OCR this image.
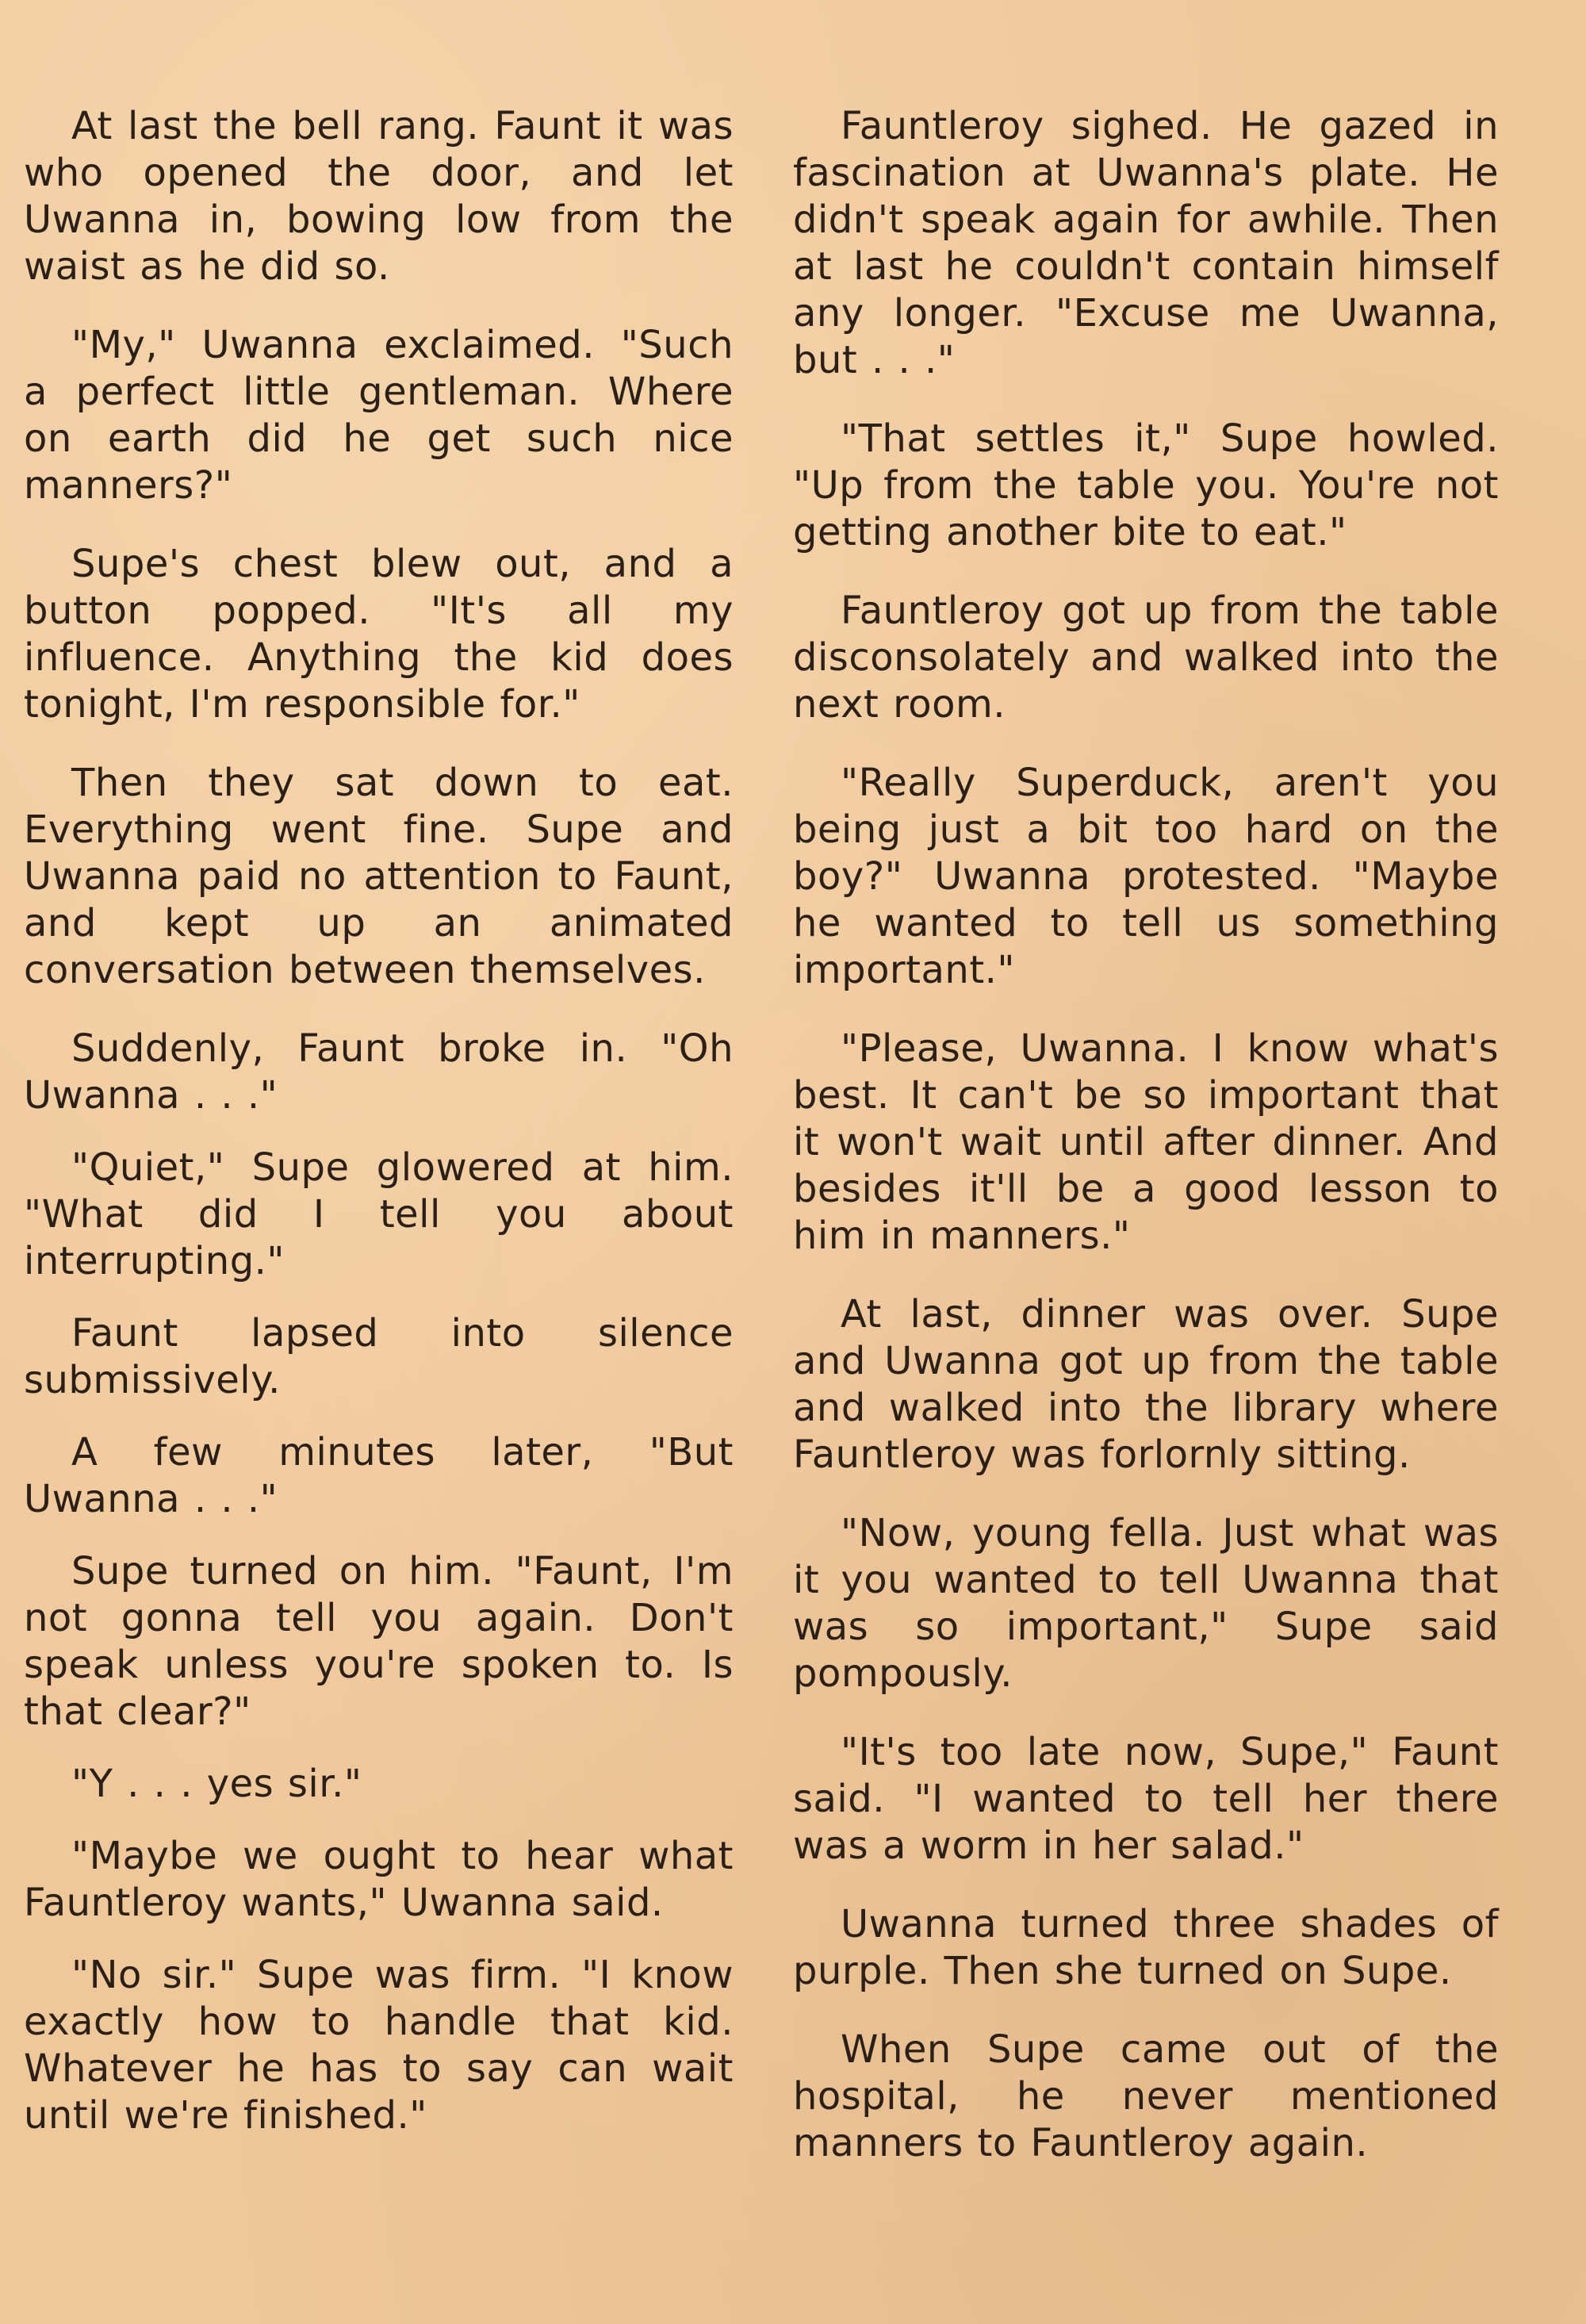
At last the bell rang. Faunt it was who opened the door, and let Uwanna in, bowing low from the waist as he did so.

"My," Uwanna exclaimed. "Such a perfect little gentleman. Where on earth did he get such nice manners?"

Supe's chest blew out, and a button popped. "It's all my influence. Anything the kid does tonight, I'm responsible for."

Then they sat down to eat. Everything went fine. Supe and Uwanna paid no attention to Faunt, and kept up an animated conversation between themselves.

Suddenly, Faunt broke in. "Oh Uwanna . . ."

"Quiet," Supe glowered at him. "What did I tell you about interrupting."

Faunt lapsed into silence submissively.

A few minutes later, "But Uwanna . . ."

Supe turned on him. "Faunt, I'm not gonna tell you again. Don't speak unless you're spoken to. Is that clear?"

"Y . . . yes sir."

"Maybe we ought to hear what Fauntleroy wants," Uwanna said.

"No sir." Supe was firm. "I know exactly how to handle that kid. Whatever he has to say can wait until we're finished."

Fauntleroy sighed. He gazed in fascination at Uwanna's plate. He didn't speak again for awhile. Then at last he couldn't contain himself any longer. "Excuse me Uwanna, but . . ."

"That settles it," Supe howled. "Up from the table you. You're not getting another bite to eat."

Fauntleroy got up from the table disconsolately and walked into the next room.

"Really Superduck, aren't you being just a bit too hard on the boy?" Uwanna protested. "Maybe he wanted to tell us something important."

"Please, Uwanna. I know what's best. It can't be so important that it won't wait until after dinner. And besides it'll be a good lesson to him in manners."

At last, dinner was over. Supe and Uwanna got up from the table and walked into the library where Fauntleroy was forlornly sitting.

"Now, young fella. Just what was it you wanted to tell Uwanna that was so important," Supe said pompously.

"It's too late now, Supe," Faunt said. "I wanted to tell her there was a worm in her salad."

Uwanna turned three shades of purple. Then she turned on Supe.

When Supe came out of the hospital, he never mentioned manners to Fauntleroy again.
